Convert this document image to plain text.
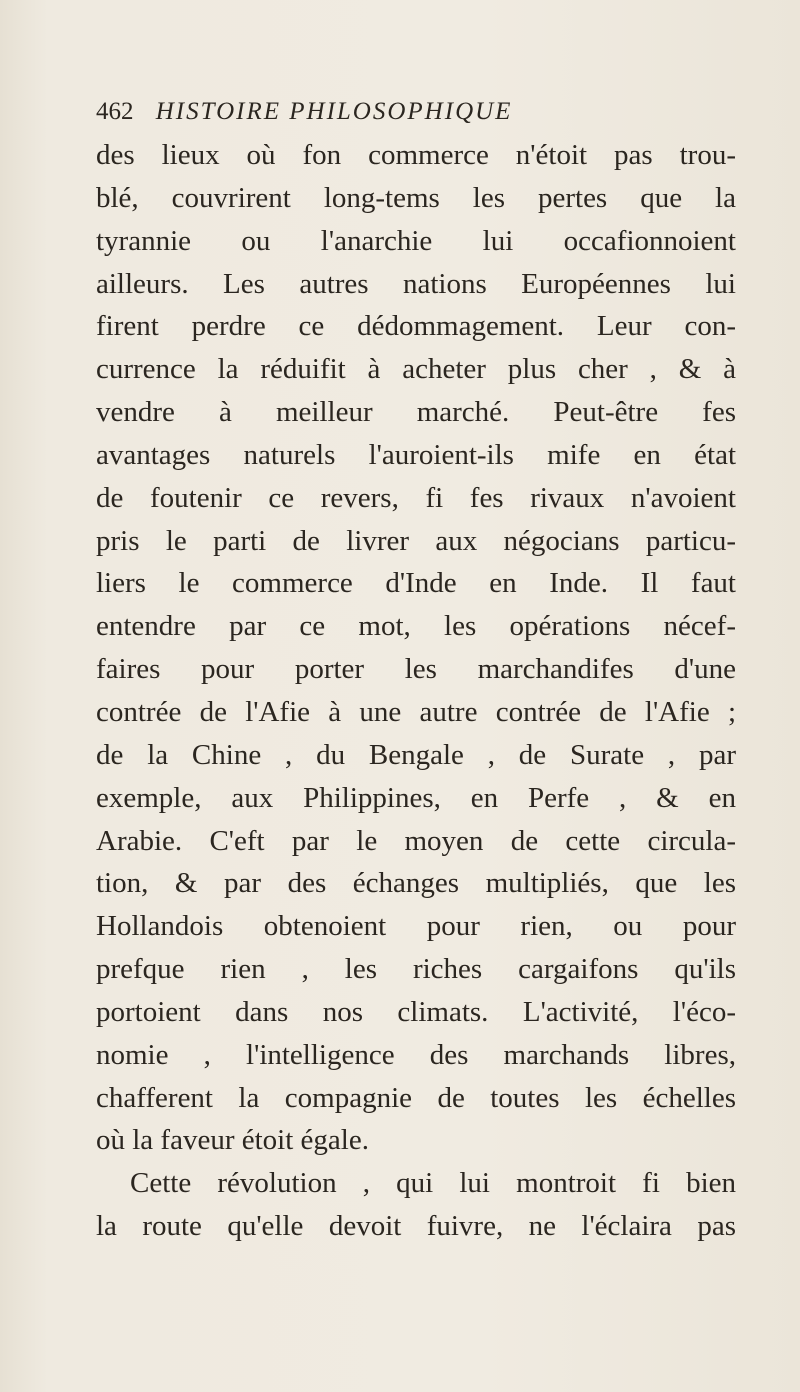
462 HISTOIRE PHILOSOPHIQUE
des lieux où fon commerce n'étoit pas trou-
blé, couvrirent long-tems les pertes que la
tyrannie ou l'anarchie lui occafionnoient
ailleurs. Les autres nations Européennes lui
firent perdre ce dédommagement. Leur con-
currence la réduifit à acheter plus cher , & à
vendre à meilleur marché. Peut-être fes
avantages naturels l'auroient-ils mife en état
de foutenir ce revers, fi fes rivaux n'avoient
pris le parti de livrer aux négocians particu-
liers le commerce d'Inde en Inde. Il faut
entendre par ce mot, les opérations nécef-
faires pour porter les marchandifes d'une
contrée de l'Afie à une autre contrée de l'Afie ;
de la Chine , du Bengale , de Surate , par
exemple, aux Philippines, en Perfe , & en
Arabie. C'eft par le moyen de cette circula-
tion, & par des échanges multipliés, que les
Hollandois obtenoient pour rien, ou pour
prefque rien , les riches cargaifons qu'ils
portoient dans nos climats. L'activité, l'éco-
nomie , l'intelligence des marchands libres,
chafferent la compagnie de toutes les échelles
où la faveur étoit égale.
Cette révolution , qui lui montroit fi bien
la route qu'elle devoit fuivre, ne l'éclaira pas
